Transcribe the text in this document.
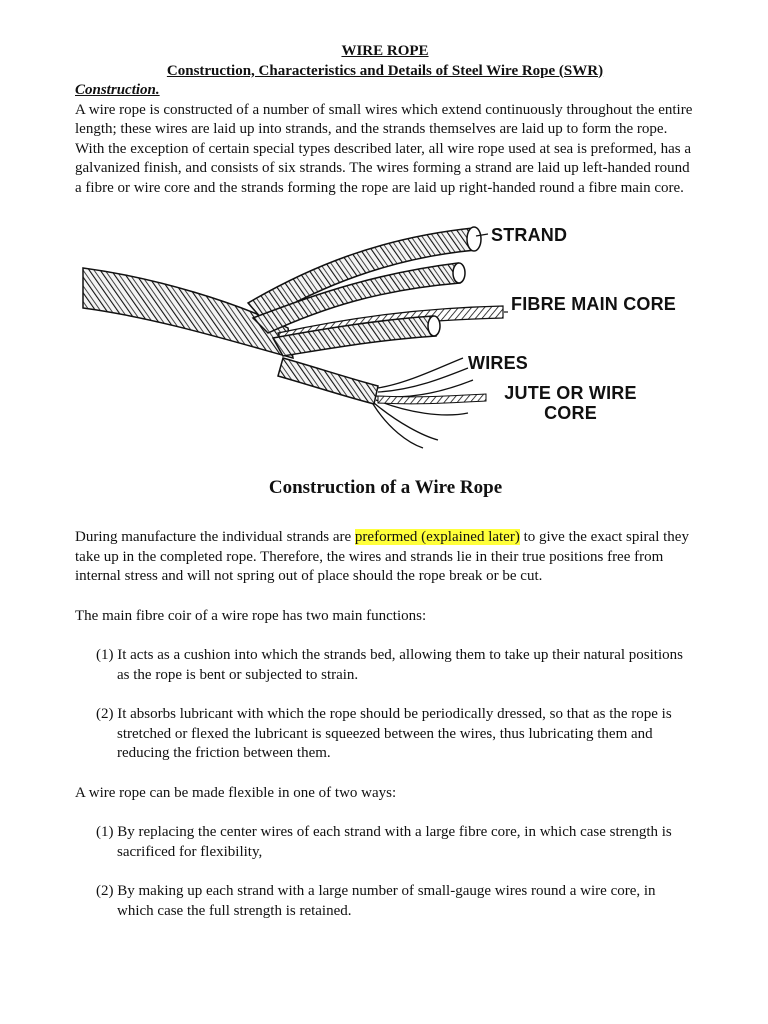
WIRE ROPE

Construction, Characteristics and Details of Steel Wire Rope (SWR)

Construction.

A wire rope is constructed of a number of small wires which extend continuously throughout the entire length; these wires are laid up into strands, and the strands themselves are laid up to form the rope. With the exception of certain special types described later, all wire rope used at sea is preformed, has a galvanized finish, and consists of six strands. The wires forming a strand are laid up left-handed round a fibre or wire core and the strands forming the rope are laid up right-handed round a fibre main core.

STRAND
FIBRE MAIN CORE
WIRES
JUTE OR WIRE
CORE
Construction of a Wire Rope

During manufacture the individual strands are preformed (explained later) to give the exact spiral they take up in the completed rope. Therefore, the wires and strands lie in their true positions free from internal stress and will not spring out of place should the rope break or be cut.

The main fibre coir of a wire rope has two main functions:

(1) It acts as a cushion into which the strands bed, allowing them to take up their natural positions as the rope is bent or subjected to strain.
(2) It absorbs lubricant with which the rope should be periodically dressed, so that as the rope is stretched or flexed the lubricant is squeezed between the wires, thus lubricating them and reducing the friction between them.

A wire rope can be made flexible in one of two ways:

(1) By replacing the center wires of each strand with a large fibre core, in which case strength is sacrificed for flexibility,
(2) By making up each strand with a large number of small-gauge wires round a wire core, in which case the full strength is retained.
